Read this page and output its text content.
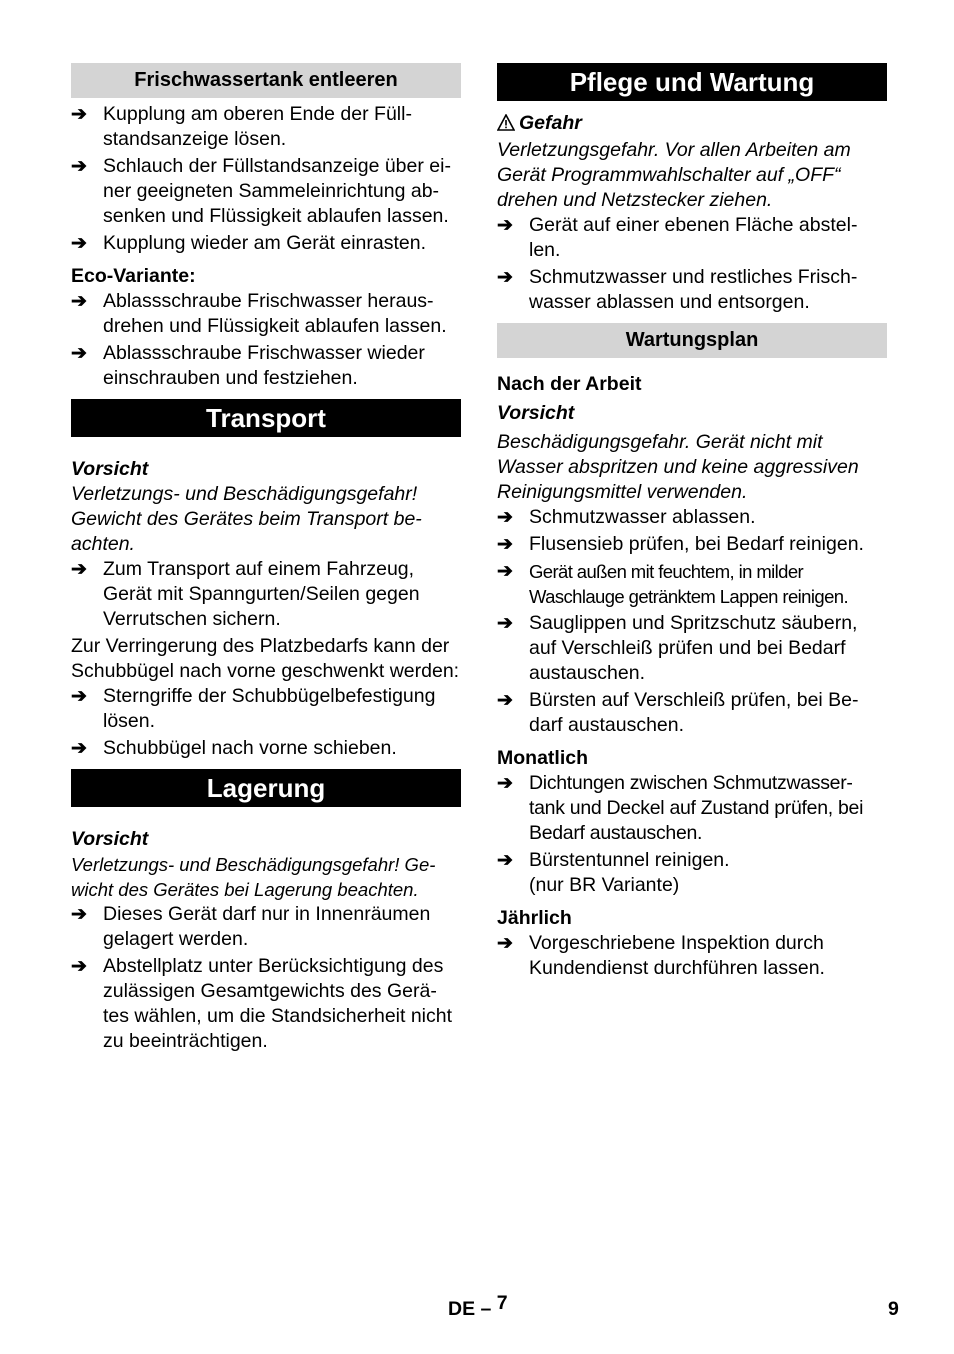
Frischwassertank entleeren
➔ Kupplung am oberen Ende der Füll-standsanzeige lösen.
➔ Schlauch der Füllstandsanzeige über ei-ner geeigneten Sammeleinrichtung ab-senken und Flüssigkeit ablaufen lassen.
➔ Kupplung wieder am Gerät einrasten.
Eco-Variante:
➔ Ablassschraube Frischwasser heraus-drehen und Flüssigkeit ablaufen lassen.
➔ Ablassschraube Frischwasser wieder einschrauben und festziehen.
Transport
Vorsicht

Verletzungs- und Beschädigungsgefahr! Gewicht des Gerätes beim Transport be-achten.

➔ Zum Transport auf einem Fahrzeug, Gerät mit Spanngurten/Seilen gegen Verrutschen sichern.

Zur Verringerung des Platzbedarfs kann der Schubbügel nach vorne geschwenkt werden:

➔ Sterngriffe der Schubbügelbefestigung lösen.
➔ Schubbügel nach vorne schieben.
Lagerung
Vorsicht

Verletzungs- und Beschädigungsgefahr! Ge-wicht des Gerätes bei Lagerung beachten.

➔ Dieses Gerät darf nur in Innenräumen gelagert werden.
➔ Abstellplatz unter Berücksichtigung des zulässigen Gesamtgewichts des Gerä-tes wählen, um die Standsicherheit nicht zu beeinträchtigen.
Pflege und Wartung
Gefahr

Verletzungsgefahr. Vor allen Arbeiten am Gerät Programmwahlschalter auf „OFF“ drehen und Netzstecker ziehen.

➔ Gerät auf einer ebenen Fläche abstel-len.
➔ Schmutzwasser und restliches Frisch-wasser ablassen und entsorgen.
Wartungsplan
Nach der Arbeit
Vorsicht

Beschädigungsgefahr. Gerät nicht mit Wasser abspritzen und keine aggressiven Reinigungsmittel verwenden.

➔ Schmutzwasser ablassen.
➔ Flusensieb prüfen, bei Bedarf reinigen.
➔ Gerät außen mit feuchtem, in milder Waschlauge getränktem Lappen reinigen.
➔ Sauglippen und Spritzschutz säubern, auf Verschleiß prüfen und bei Bedarf austauschen.
➔ Bürsten auf Verschleiß prüfen, bei Be-darf austauschen.
Monatlich
➔ Dichtungen zwischen Schmutzwasser-tank und Deckel auf Zustand prüfen, bei Bedarf austauschen.
➔ Bürstentunnel reinigen. (nur BR Variante)
Jährlich
➔ Vorgeschriebene Inspektion durch Kundendienst durchführen lassen.
DE – 7	9
